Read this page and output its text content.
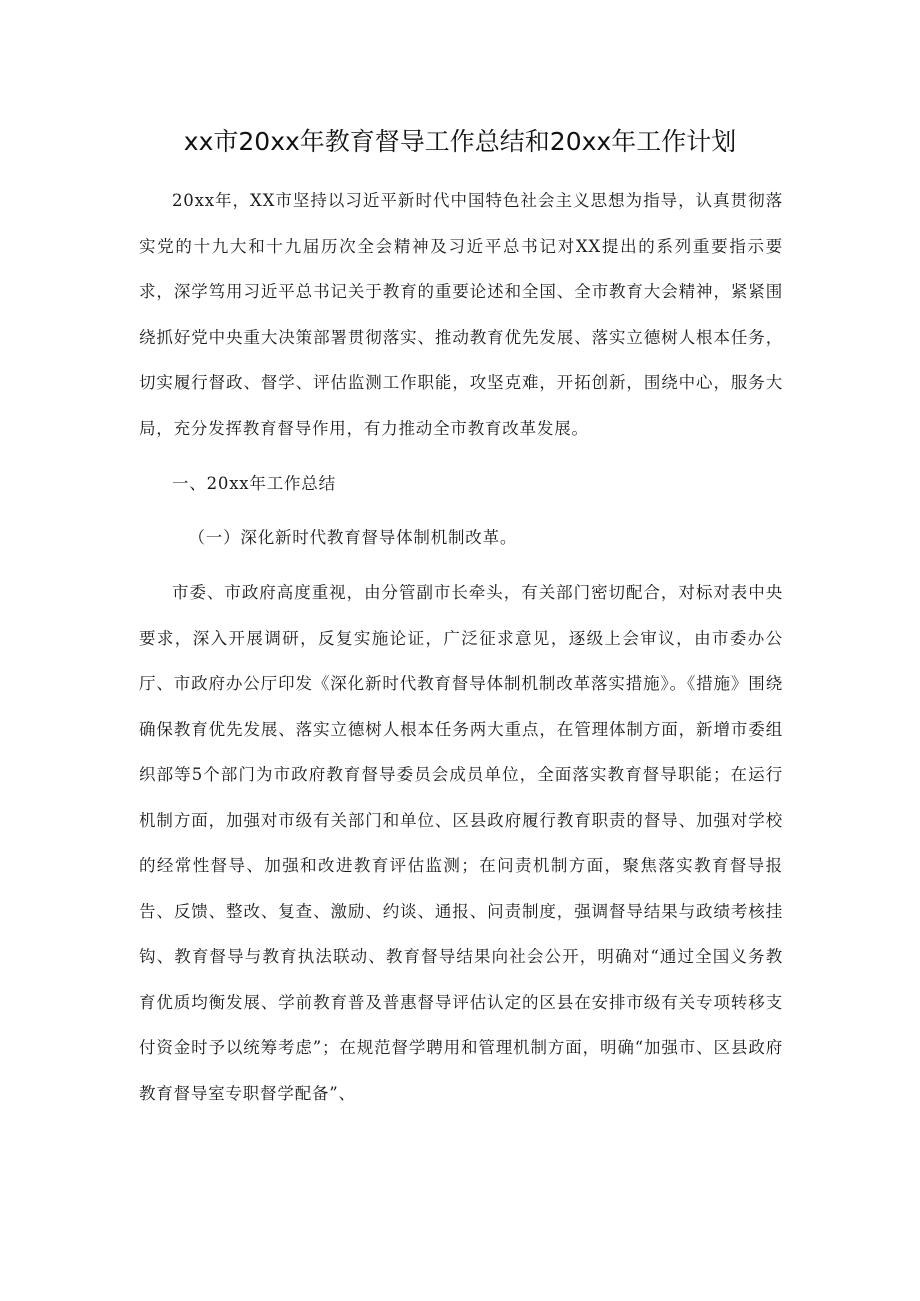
xx市20xx年教育督导工作总结和20xx年工作计划

20xx年，XX市坚持以习近平新时代中国特色社会主义思想为指导，认真贯彻落实党的十九大和十九届历次全会精神及习近平总书记对XX提出的系列重要指示要求，深学笃用习近平总书记关于教育的重要论述和全国、全市教育大会精神，紧紧围绕抓好党中央重大决策部署贯彻落实、推动教育优先发展、落实立德树人根本任务，切实履行督政、督学、评估监测工作职能，攻坚克难，开拓创新，围绕中心，服务大局，充分发挥教育督导作用，有力推动全市教育改革发展。

一、20xx年工作总结

（一）深化新时代教育督导体制机制改革。

市委、市政府高度重视，由分管副市长牵头，有关部门密切配合，对标对表中央要求，深入开展调研，反复实施论证，广泛征求意见，逐级上会审议，由市委办公厅、市政府办公厅印发《深化新时代教育督导体制机制改革落实措施》。《措施》围绕确保教育优先发展、落实立德树人根本任务两大重点，在管理体制方面，新增市委组织部等5个部门为市政府教育督导委员会成员单位，全面落实教育督导职能；在运行机制方面，加强对市级有关部门和单位、区县政府履行教育职责的督导、加强对学校的经常性督导、加强和改进教育评估监测；在问责机制方面，聚焦落实教育督导报告、反馈、整改、复查、激励、约谈、通报、问责制度，强调督导结果与政绩考核挂钩、教育督导与教育执法联动、教育督导结果向社会公开，明确对“通过全国义务教育优质均衡发展、学前教育普及普惠督导评估认定的区县在安排市级有关专项转移支付资金时予以统筹考虑”；在规范督学聘用和管理机制方面，明确“加强市、区县政府教育督导室专职督学配备”、
